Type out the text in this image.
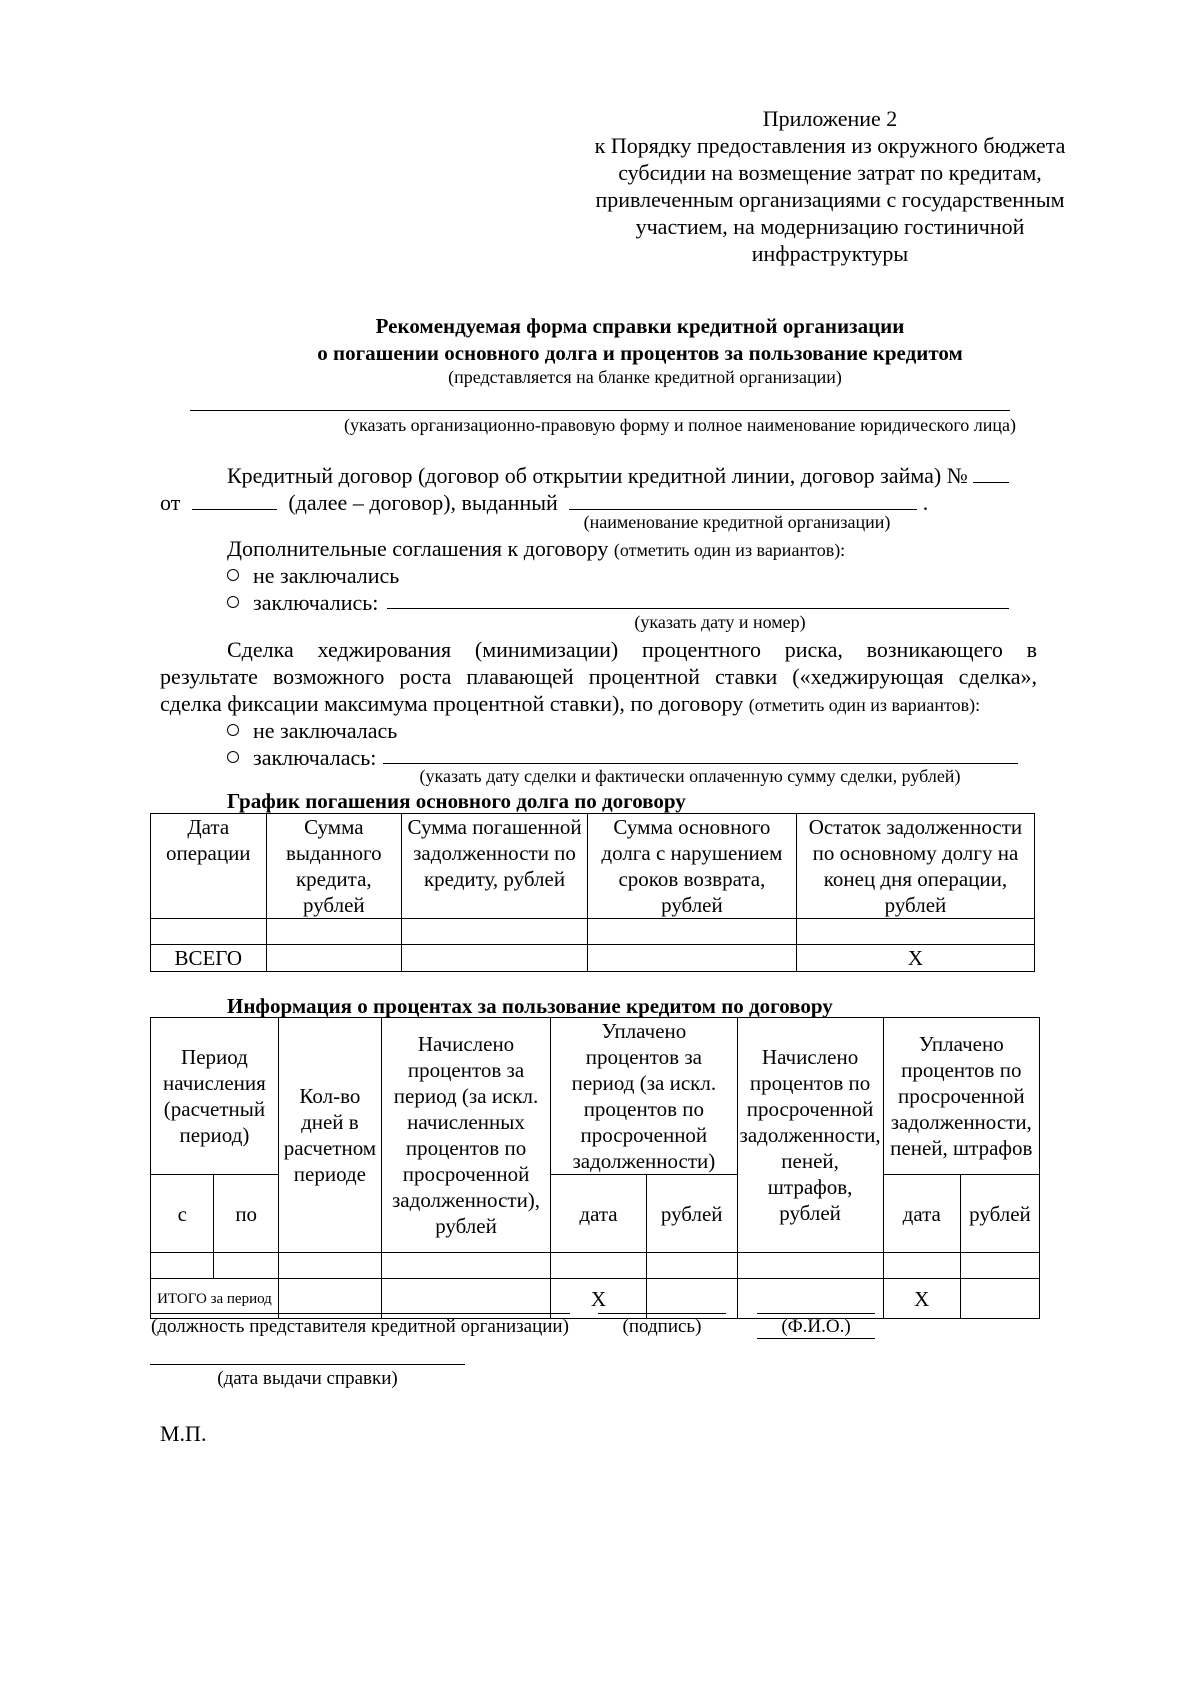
Приложение 2
к Порядку предоставления из окружного бюджета
субсидии на возмещение затрат по кредитам,
привлеченным организациями с государственным
участием, на модернизацию гостиничной
инфраструктуры
Рекомендуемая форма справки кредитной организации
о погашении основного долга и процентов за пользование кредитом
(представляется на бланке кредитной организации)
(указать организационно-правовую форму и полное наименование юридического лица)
Кредитный договор (договор об открытии кредитной линии, договор займа) №
от	(далее – договор), выданный	.
(наименование кредитной организации)
Дополнительные соглашения к договору (отметить один из вариантов):
не заключались
заключались:
(указать дату и номер)
Сделка хеджирования (минимизации) процентного риска, возникающего в
результате возможного роста плавающей процентной ставки («хеджирующая сделка»,
сделка фиксации максимума процентной ставки), по договору (отметить один из вариантов):
не заключалась
заключалась:
(указать дату сделки и фактически оплаченную сумму сделки, рублей)
График погашения основного долга по договору
Дата операции	Сумма выданного кредита, рублей	Сумма погашенной задолженности по кредиту, рублей	Сумма основного долга с нарушением сроков возврата, рублей	Остаток задолженности по основному долгу на конец дня операции, рублей

ВСЕГО				X
Информация о процентах за пользование кредитом по договору
Период начисления (расчетный период)		Кол-во дней в расчетном периоде	Начислено процентов за период (за искл. начисленных процентов по просроченной задолженности), рублей	Уплачено процентов за период (за искл. процентов по просроченной задолженности)		Начислено процентов по просроченной задолженности, пеней, штрафов, рублей	Уплачено процентов по просроченной задолженности, пеней, штрафов	
с	по			дата	рублей		дата	рублей

ИТОГО за период				X			X	
(должность представителя кредитной организации)	(подпись)	(Ф.И.О.)
(дата выдачи справки)
М.П.
